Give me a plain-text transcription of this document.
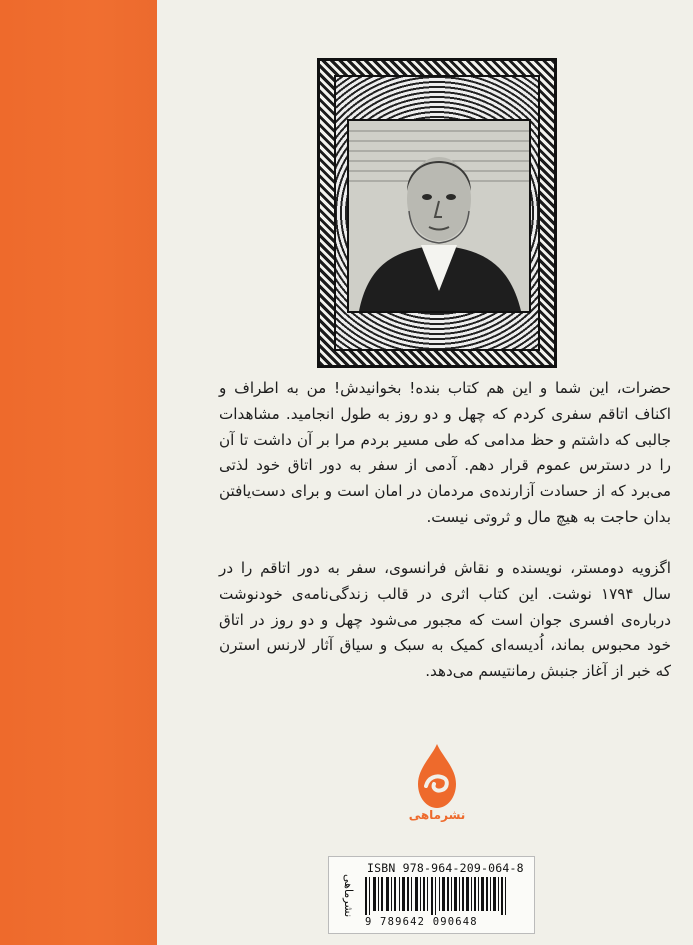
حضرات، این شما و این هم کتاب بنده! بخوانیدش! من به اطراف و اکناف اتاقم سفری کردم که چهل و دو روز به طول انجامید. مشاهدات جالبی که داشتم و حظ مدامی که طی مسیر بردم مرا بر آن داشت تا آن را در دسترس عموم قرار دهم. آدمی از سفر به دور اتاق خود لذتی می‌برد که از حسادت آزارنده‌ی مردمان در امان است و برای دست‌یافتن بدان حاجت به هیچ مال و ثروتی نیست.

اگزویه دومستر، نویسنده و نقاش فرانسوی، سفر به دور اتاقم را در سال ۱۷۹۴ نوشت. این کتاب اثری در قالب زندگی‌نامه‌ی خودنوشت درباره‌ی افسری جوان است که مجبور می‌شود چهل و دو روز در اتاق خود محبوس بماند، اُدیسه‌ای کمیک به سبک و سیاق آثار لارنس استرن که خبر از آغاز جنبش رمانتیسم می‌دهد.

نشرماهی
نشرماهی
ISBN 978-964-209-064-8
9 789642 090648
